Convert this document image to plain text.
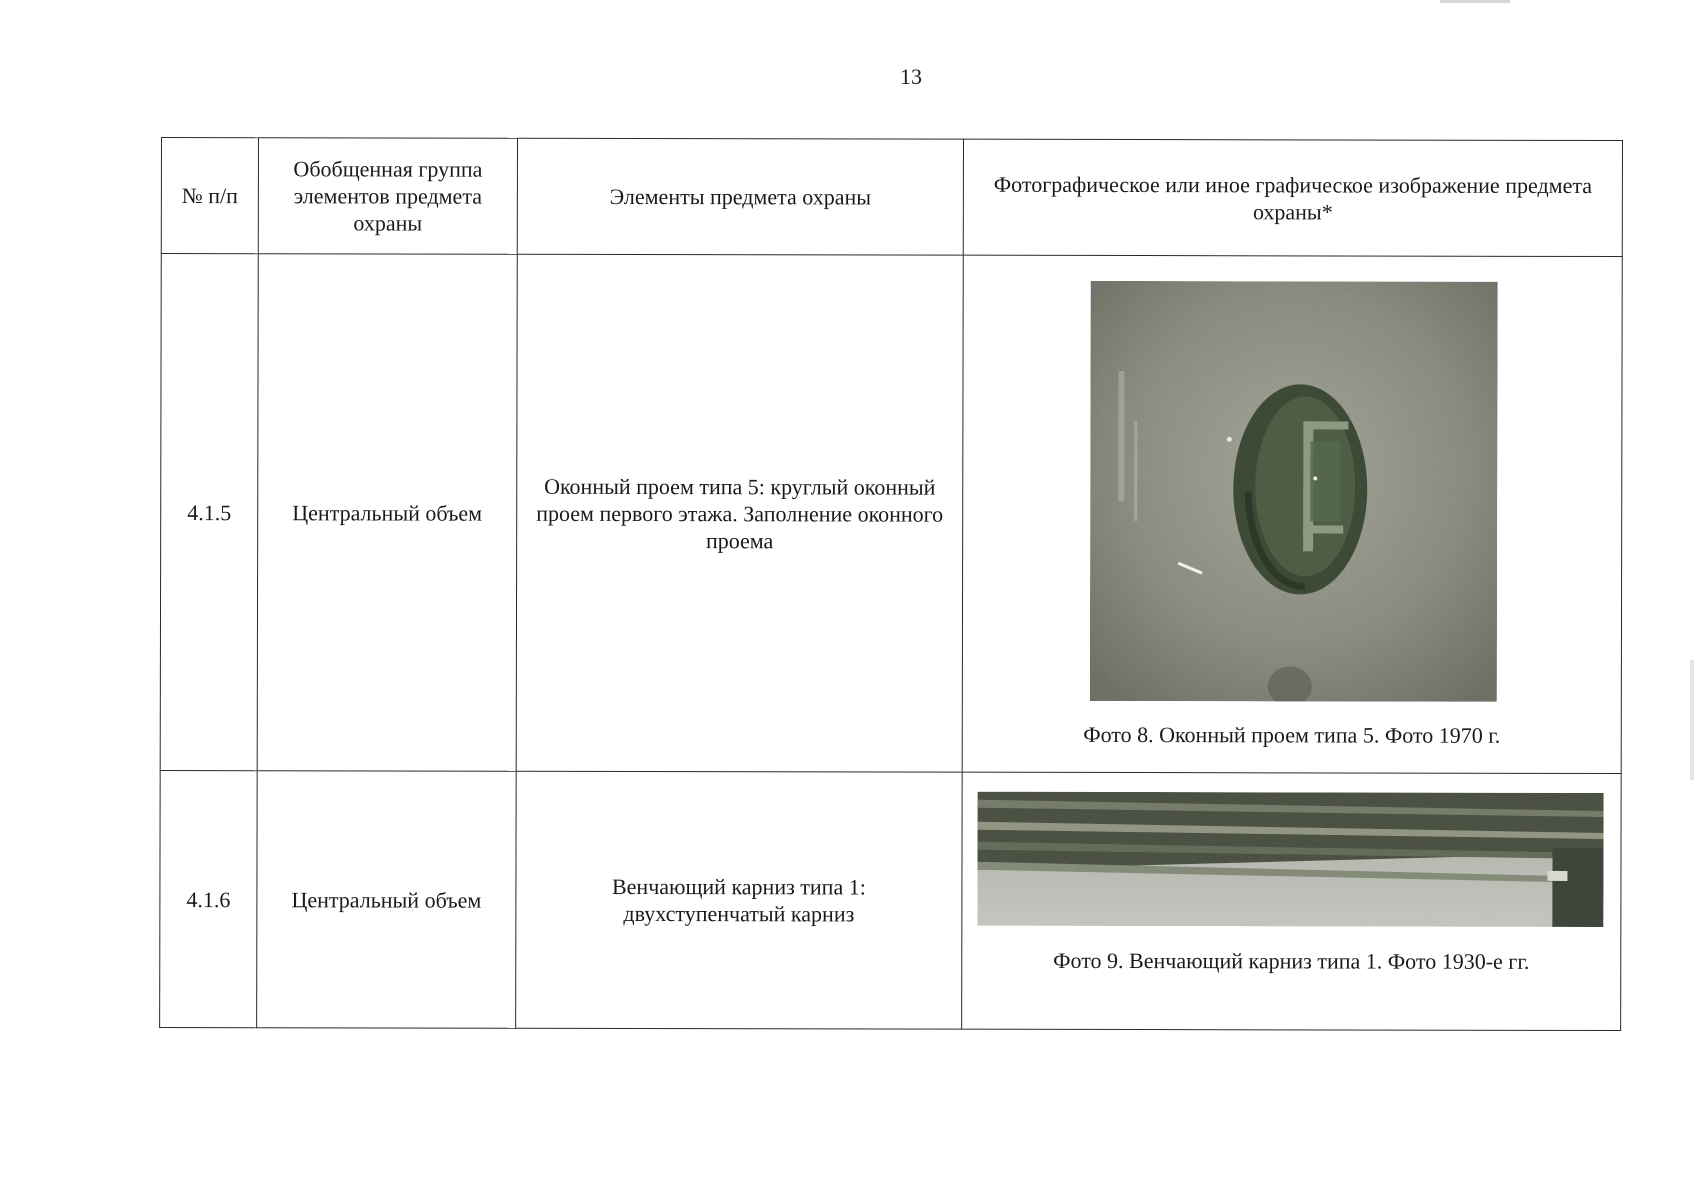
13
№ п/п	Обобщенная группа элементов предмета охраны	Элементы предмета охраны	Фотографическое или иное графическое изображение предмета охраны*
4.1.5	Центральный объем	Оконный проем типа 5: круглый оконный проем первого этажа. Заполнение оконного проема	Фото 8. Оконный проем типа 5. Фото 1970 г.

4.1.6	Центральный объем	Венчающий карниз типа 1: двухступенчатый карниз	Фото 9. Венчающий карниз типа 1. Фото 1930-е гг.
